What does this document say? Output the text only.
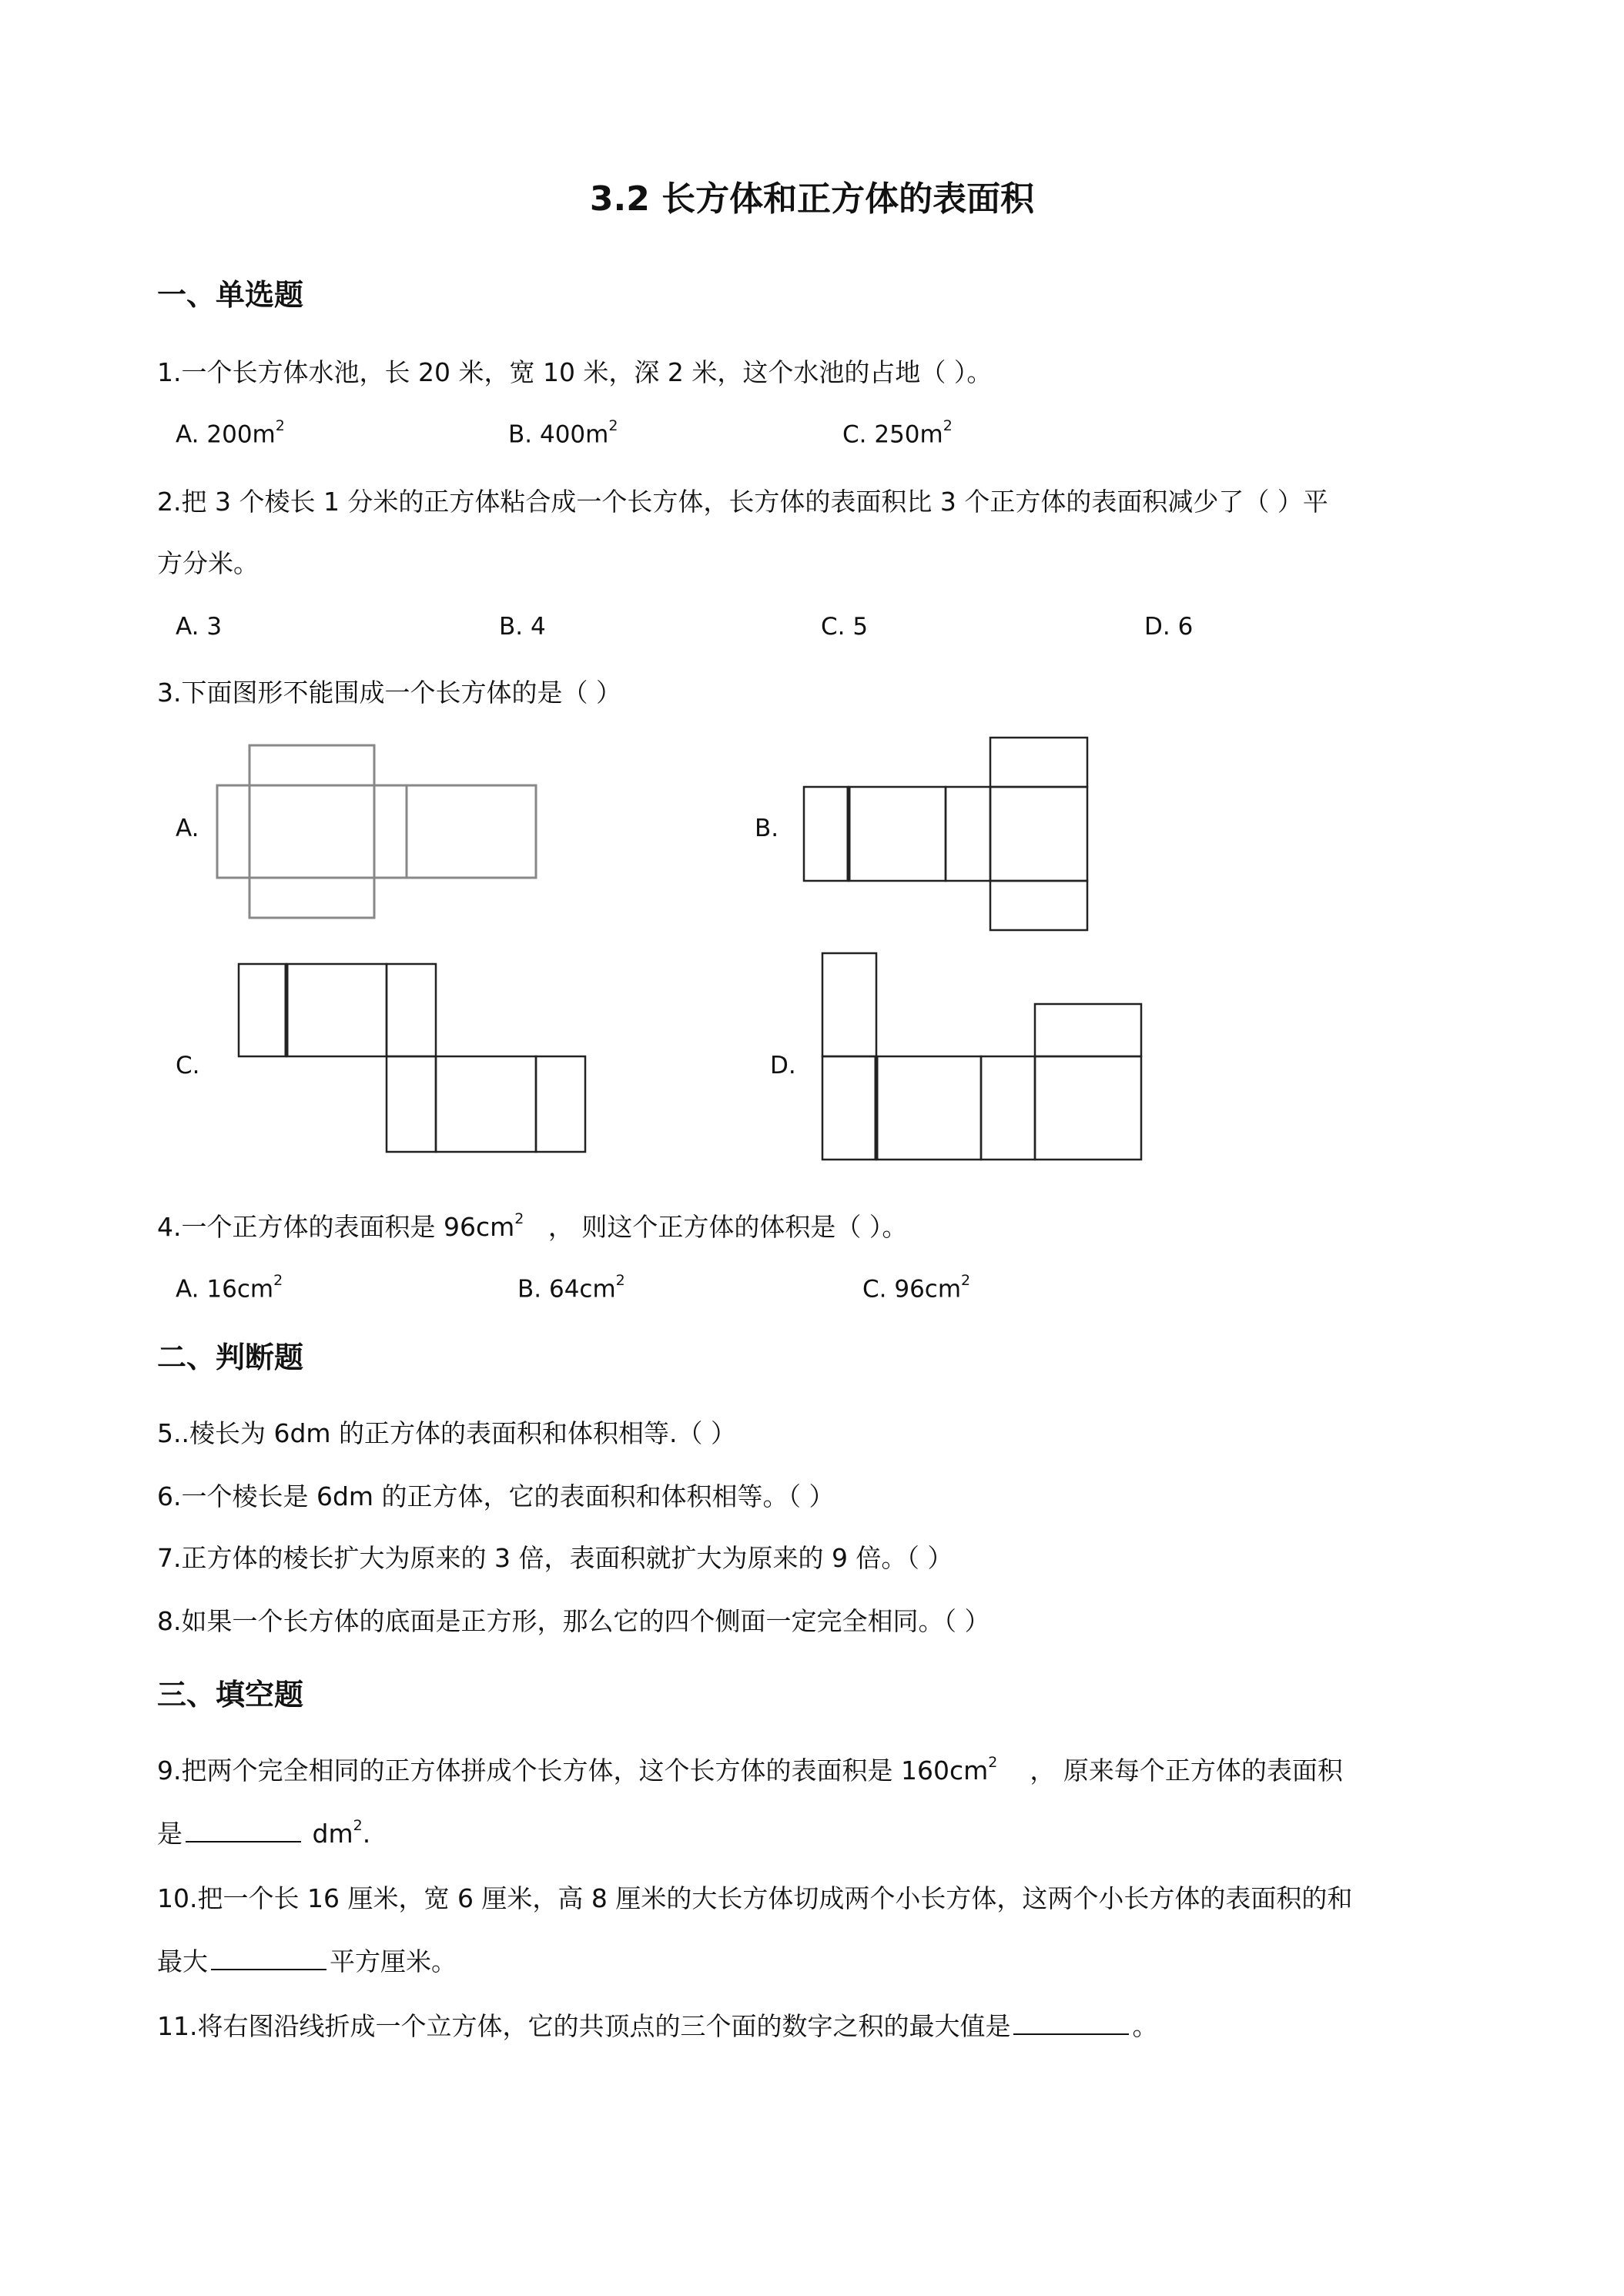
3.2 长方体和正方体的表面积
一、单选题
1.一个长方体水池，长 20 米，宽 10 米，深 2 米，这个水池的占地（ ）。
A. $200m^2$	B. $400m^2$	C. $250m^2$
2.把 3 个棱长 1 分米的正方体粘合成一个长方体，长方体的表面积比 3 个正方体的表面积减少了（ ）平
方分米。
A. 3	B. 4	C. 5	D. 6
3.下面图形不能围成一个长方体的是（ ）
A.	B.
C.	D.
4.一个正方体的表面积是 $96cm^2$ ， 则这个正方体的体积是（ ）。
A. $16cm^2$	B. $64cm^2$	C. $96cm^2$
二、判断题
5..棱长为 6dm 的正方体的表面积和体积相等.（ ）
6.一个棱长是 6dm 的正方体，它的表面积和体积相等。（ ）
7.正方体的棱长扩大为原来的 3 倍，表面积就扩大为原来的 9 倍。（ ）
8.如果一个长方体的底面是正方形，那么它的四个侧面一定完全相同。（ ）
三、填空题
9.把两个完全相同的正方体拼成个长方体，这个长方体的表面积是 $160cm^2$ ， 原来每个正方体的表面积
是	$dm^2$.
10.把一个长 16 厘米，宽 6 厘米，高 8 厘米的大长方体切成两个小长方体，这两个小长方体的表面积的和
最大	平方厘米。
11.将右图沿线折成一个立方体，它的共顶点的三个面的数字之积的最大值是	。
